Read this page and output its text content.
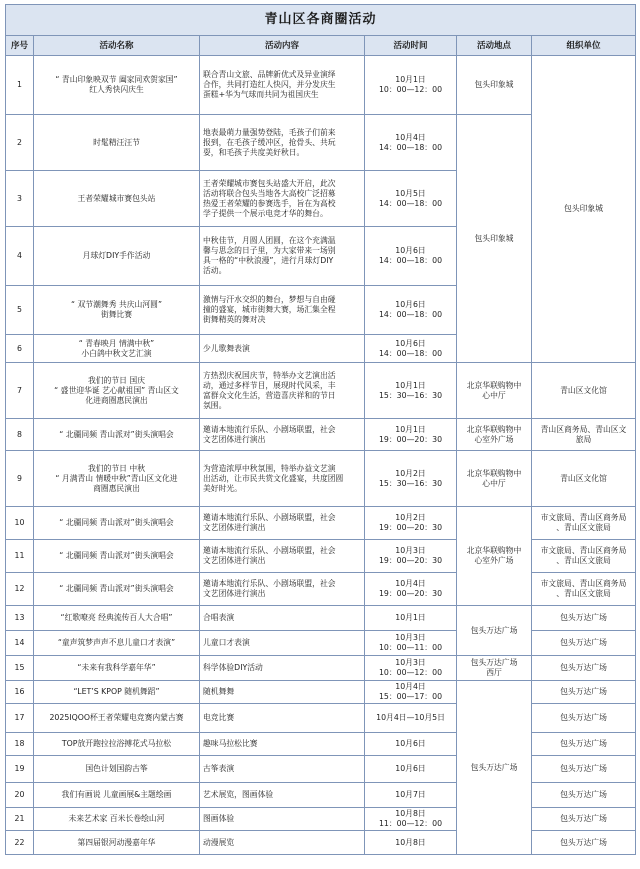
青山区各商圈活动					
序号	活动名称	活动内容	活动时间	活动地点	组织单位
1	“ 青山印象映双节 阖家同欢贺家国”
红人秀快闪庆生	联合青山文旅、品牌新优式及异业演绎
合作，共同打造红人快闪，并分发庆生
蛋糕+华为气球而共同为祖国庆生	10月1日
10：00—12：00	包头印象城	包头印象城

2	时髦精汪汪节	地表最萌力量强势登陆，毛孩子们前来
报到，在毛孩子缓冲区，抢骨头、共玩
耍，和毛孩子共度美好秋日。	10月4日
14：00—18：00	包头印象城	

3	王者荣耀城市赛包头站	王者荣耀城市赛包头站盛大开启，此次
活动将联合包头当地各大高校广泛招募
热爱王者荣耀的参赛选手，旨在为高校
学子提供一个展示电竞才华的舞台。	10月5日
14：00—18：00		

4	月球灯DIY手作活动	中秋佳节，月圆人团圆，在这个充满温
馨与思念的日子里，为大家带来一场别
具一格的“中秋浪漫”，进行月球灯DIY
活动。	10月6日
14：00—18：00		

5	“ 双节潮舞秀 共庆山河圆”
街舞比赛	激情与汗水交织的舞台，梦想与自由碰
撞的盛宴，城市街舞大赛，场汇集全程
街舞精英的舞对决	10月6日
14：00—18：00		

6	“ 青春映月 情满中秋”
小白鸽中秋文艺汇演	少儿歌舞表演	10月6日
14：00—18：00		

7	我们的节日 国庆
“ 盛世迎华诞 艺心献祖国” 青山区文
化进商圈惠民演出	方热烈庆祝国庆节，特举办文艺演出活
动，通过多样节目，展现时代风采，丰
富群众文化生活，营造喜庆祥和的节日
氛围。	10月1日
15：30—16：30	北京华联购物中
心中厅	青山区文化馆

8	“ 北疆同频 青山派对”街头演唱会	邀请本地流行乐队、小剧场联盟，社会
文艺团体进行演出	10月1日
19：00—20：30	北京华联购物中
心室外广场	青山区商务局、青山区文
旅局

9	我们的节日 中秋
“ 月满青山 情暖中秋”青山区文化进
商圈惠民演出	为营造浓厚中秋氛围，特举办益文艺演
出活动，让市民共赏文化盛宴，共度团圆
美好时光。	10月2日
15：30—16：30	北京华联购物中
心中厅	青山区文化馆

10	“ 北疆同频 青山派对”街头演唱会	邀请本地流行乐队、小剧场联盟，社会
文艺团体进行演出	10月2日
19：00—20：30	北京华联购物中
心室外广场	市文旅局、青山区商务局
、青山区文旅局

11	“ 北疆同频 青山派对”街头演唱会	邀请本地流行乐队、小剧场联盟，社会
文艺团体进行演出	10月3日
19：00—20：30		市文旅局、青山区商务局
、青山区文旅局

12	“ 北疆同频 青山派对”街头演唱会	邀请本地流行乐队、小剧场联盟，社会
文艺团体进行演出	10月4日
19：00—20：30		市文旅局、青山区商务局
、青山区文旅局

13	“红歌嘹亮 经典流传百人大合唱”	合唱表演	10月1日	包头万达广场	包头万达广场

14	“童声筑梦声声不息儿童口才表演”	儿童口才表演	10月3日
10：00—11：00		包头万达广场

15	“未来有我科学嘉年华”	科学体验DIY活动	10月3日
10：00—12：00	包头万达广场
西厅	包头万达广场

16	“LET’S KPOP 随机舞蹈”	随机舞舞	10月4日
15：00—17：00	包头万达广场	包头万达广场

17	2025IQOO杯王者荣耀电竞赛内蒙古赛	电竞比赛	10月4日—10月5日		包头万达广场

18	TOP放开跑拉拉浴搏花式马拉松	趣味马拉松比赛	10月6日		包头万达广场

19	国色计划国韵古筝	古筝表演	10月6日		包头万达广场

20	我们有画说 儿童画展&主题绘画	艺术展览，图画体验	10月7日		包头万达广场

21	未来艺术家 百米长卷绘山河	图画体验	10月8日
11：00—12：00		包头万达广场

22	第四届银河动漫嘉年华	动漫展览	10月8日		包头万达广场
